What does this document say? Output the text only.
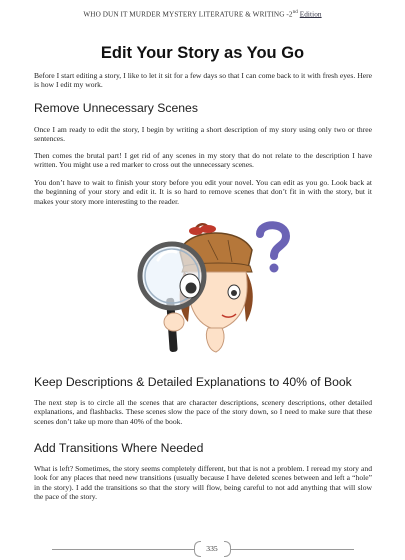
WHO DUN IT MURDER MYSTERY LITERATURE & WRITING -2nd Edition
Edit Your Story as You Go

Before I start editing a story, I like to let it sit for a few days so that I can come back to it with fresh eyes. Here is how I edit my work.

Remove Unnecessary Scenes

Once I am ready to edit the story, I begin by writing a short description of my story using only two or three sentences.

Then comes the brutal part! I get rid of any scenes in my story that do not relate to the description I have written. You might use a red marker to cross out the unnecessary scenes.

You don’t have to wait to finish your story before you edit your novel. You can edit as you go. Look back at the beginning of your story and edit it. It is so hard to remove scenes that don’t fit in with the story, but it makes your story more interesting to the reader.

Keep Descriptions & Detailed Explanations to 40% of Book

The next step is to circle all the scenes that are character descriptions, scenery descriptions, other detailed explanations, and flashbacks. These scenes slow the pace of the story down, so I need to make sure that these scenes don’t take up more than 40% of the book.

Add Transitions Where Needed

What is left? Sometimes, the story seems completely different, but that is not a problem. I reread my story and look for any places that need new transitions (usually because I have deleted scenes between and left a “hole” in the story). I add the transitions so that the story will flow, being careful to not add anything that will slow the pace of the story.

335
